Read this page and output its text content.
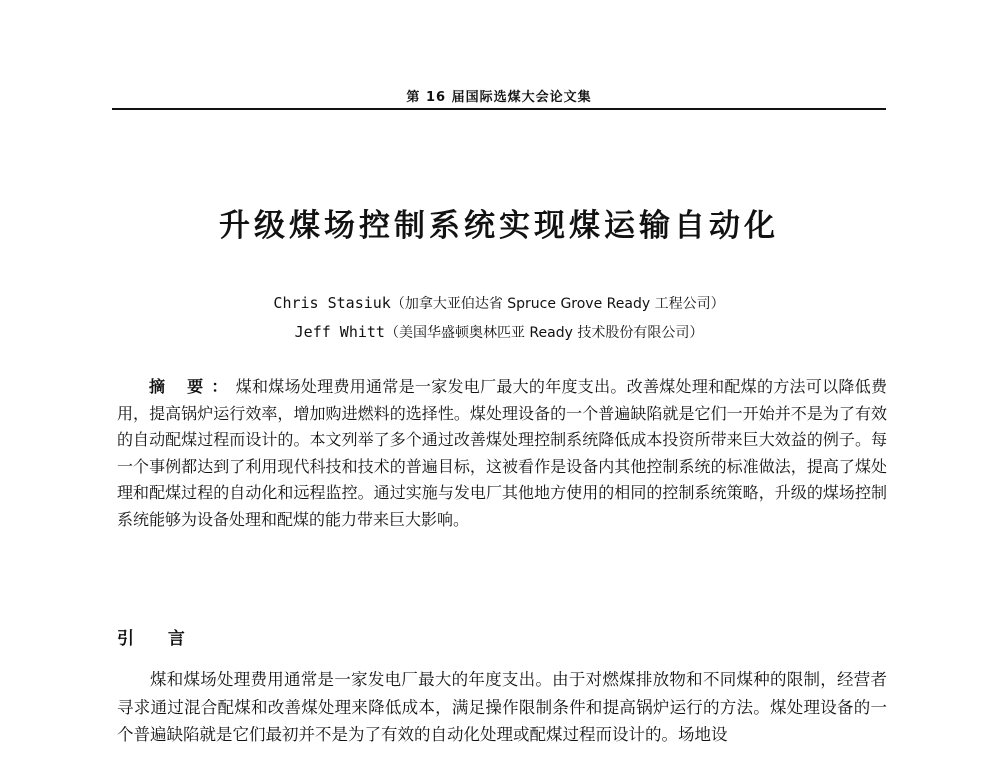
第 16 届国际选煤大会论文集
升级煤场控制系统实现煤运输自动化
Chris Stasiuk（加拿大亚伯达省 Spruce Grove Ready 工程公司）
Jeff Whitt（美国华盛顿奥林匹亚 Ready 技术股份有限公司）
摘 要：煤和煤场处理费用通常是一家发电厂最大的年度支出。改善煤处理和配煤的方法可以降低费用，提高锅炉运行效率，增加购进燃料的选择性。煤处理设备的一个普遍缺陷就是它们一开始并不是为了有效的自动配煤过程而设计的。本文列举了多个通过改善煤处理控制系统降低成本投资所带来巨大效益的例子。每一个事例都达到了利用现代科技和技术的普遍目标，这被看作是设备内其他控制系统的标准做法，提高了煤处理和配煤过程的自动化和远程监控。通过实施与发电厂其他地方使用的相同的控制系统策略，升级的煤场控制系统能够为设备处理和配煤的能力带来巨大影响。
引 言
煤和煤场处理费用通常是一家发电厂最大的年度支出。由于对燃煤排放物和不同煤种的限制，经营者寻求通过混合配煤和改善煤处理来降低成本，满足操作限制条件和提高锅炉运行的方法。煤处理设备的一个普遍缺陷就是它们最初并不是为了有效的自动化处理或配煤过程而设计的。场地设
